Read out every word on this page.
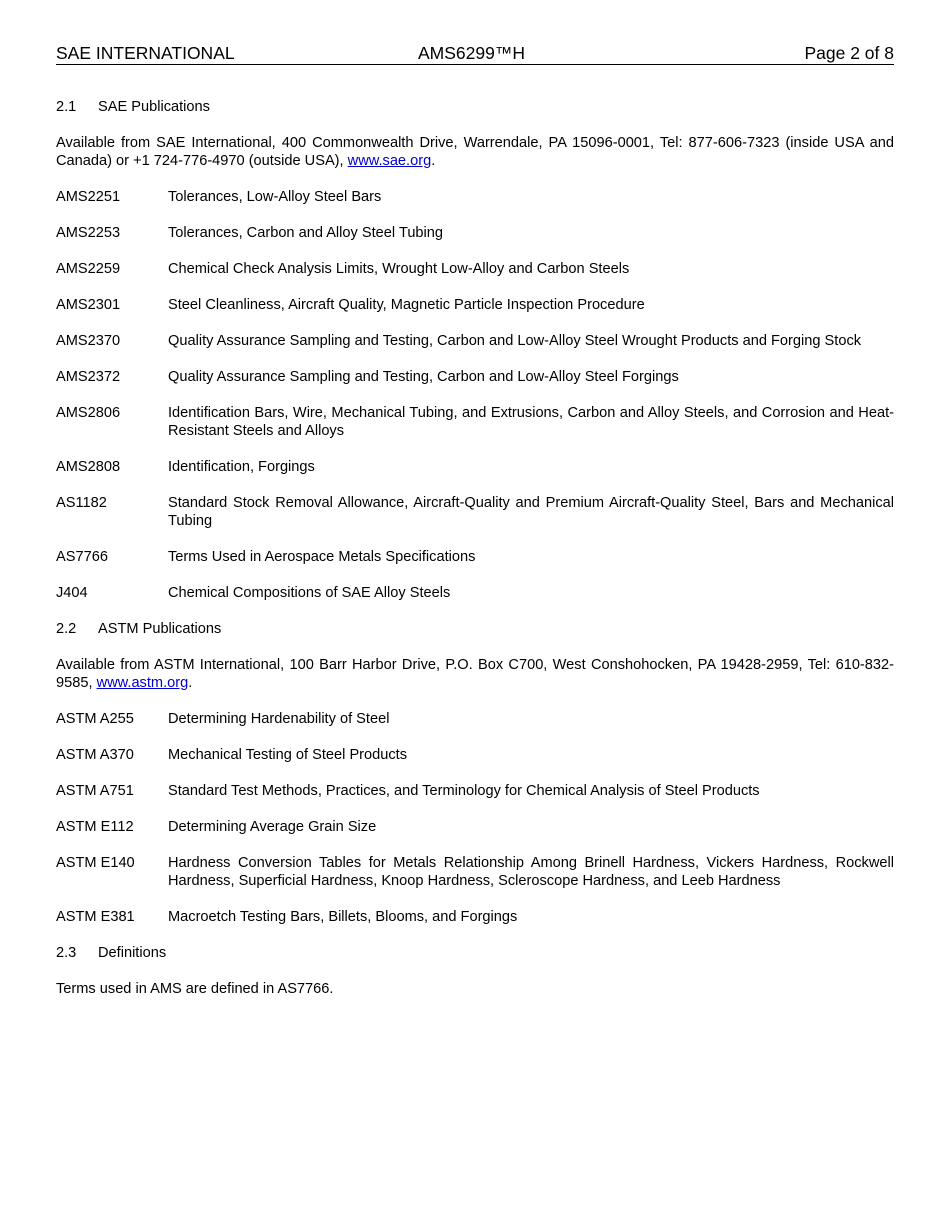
SAE INTERNATIONAL	AMS6299™H	Page 2 of 8
2.1	SAE Publications
Available from SAE International, 400 Commonwealth Drive, Warrendale, PA 15096-0001, Tel: 877-606-7323 (inside USA and Canada) or +1 724-776-4970 (outside USA), www.sae.org.
AMS2251	Tolerances, Low-Alloy Steel Bars
AMS2253	Tolerances, Carbon and Alloy Steel Tubing
AMS2259	Chemical Check Analysis Limits, Wrought Low-Alloy and Carbon Steels
AMS2301	Steel Cleanliness, Aircraft Quality, Magnetic Particle Inspection Procedure
AMS2370	Quality Assurance Sampling and Testing, Carbon and Low-Alloy Steel Wrought Products and Forging Stock
AMS2372	Quality Assurance Sampling and Testing, Carbon and Low-Alloy Steel Forgings
AMS2806	Identification Bars, Wire, Mechanical Tubing, and Extrusions, Carbon and Alloy Steels, and Corrosion and Heat-Resistant Steels and Alloys
AMS2808	Identification, Forgings
AS1182	Standard Stock Removal Allowance, Aircraft-Quality and Premium Aircraft-Quality Steel, Bars and Mechanical Tubing
AS7766	Terms Used in Aerospace Metals Specifications
J404	Chemical Compositions of SAE Alloy Steels
2.2	ASTM Publications
Available from ASTM International, 100 Barr Harbor Drive, P.O. Box C700, West Conshohocken, PA 19428-2959, Tel: 610-832-9585, www.astm.org.
ASTM A255	Determining Hardenability of Steel
ASTM A370	Mechanical Testing of Steel Products
ASTM A751	Standard Test Methods, Practices, and Terminology for Chemical Analysis of Steel Products
ASTM E112	Determining Average Grain Size
ASTM E140	Hardness Conversion Tables for Metals Relationship Among Brinell Hardness, Vickers Hardness, Rockwell Hardness, Superficial Hardness, Knoop Hardness, Scleroscope Hardness, and Leeb Hardness
ASTM E381	Macroetch Testing Bars, Billets, Blooms, and Forgings
2.3	Definitions
Terms used in AMS are defined in AS7766.
